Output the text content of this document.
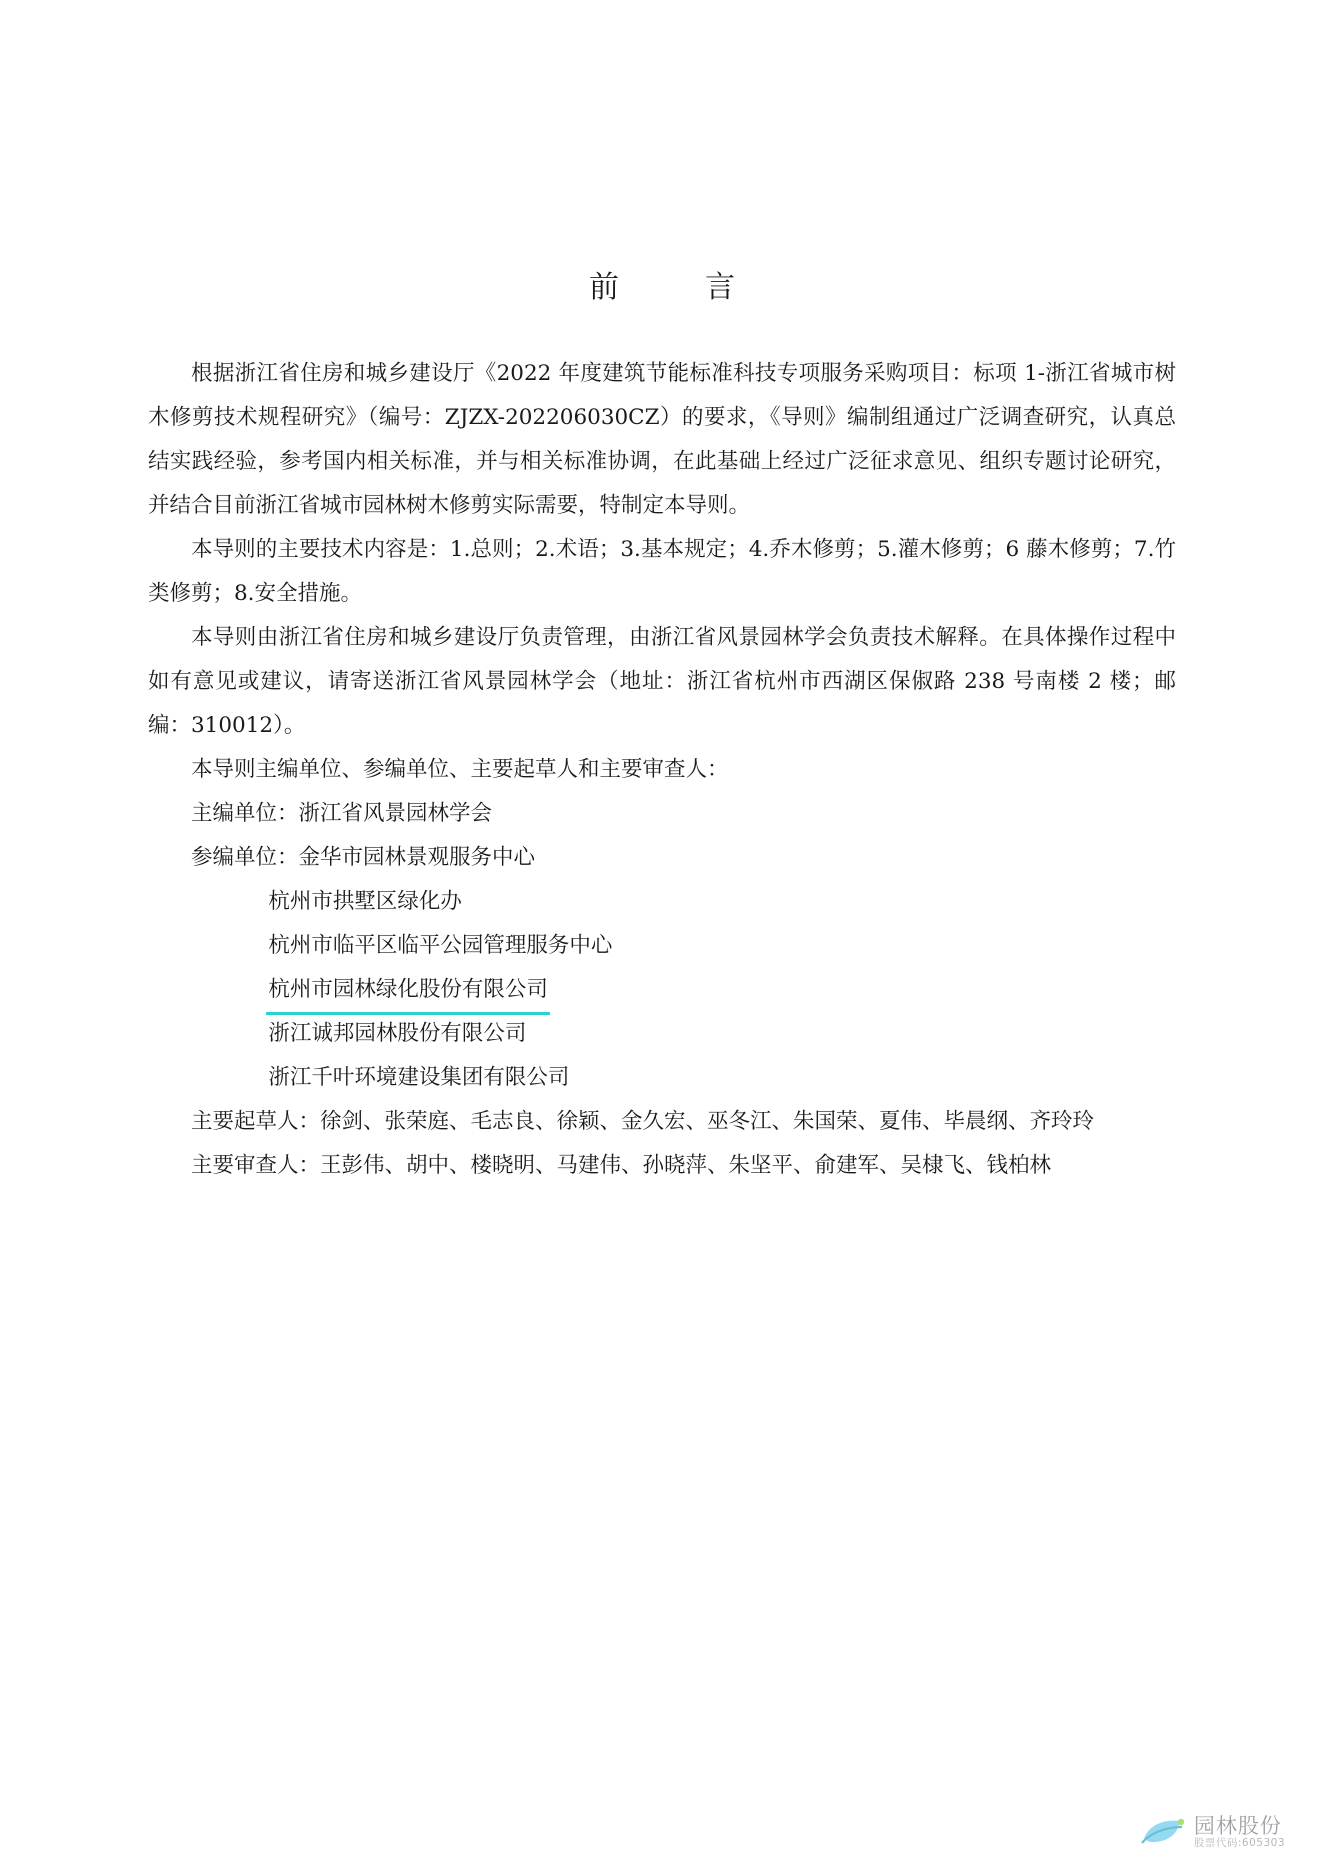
前　言

根据浙江省住房和城乡建设厅《2022 年度建筑节能标准科技专项服务采购项目：标项 1-浙江省城市树木修剪技术规程研究》（编号：ZJZX-202206030CZ）的要求，《导则》编制组通过广泛调查研究，认真总结实践经验，参考国内相关标准，并与相关标准协调，在此基础上经过广泛征求意见、组织专题讨论研究，并结合目前浙江省城市园林树木修剪实际需要，特制定本导则。

本导则的主要技术内容是：1.总则；2.术语；3.基本规定；4.乔木修剪；5.灌木修剪；6 藤木修剪；7.竹类修剪；8.安全措施。

本导则由浙江省住房和城乡建设厅负责管理，由浙江省风景园林学会负责技术解释。在具体操作过程中如有意见或建议，请寄送浙江省风景园林学会（地址：浙江省杭州市西湖区保俶路 238 号南楼 2 楼；邮编：310012）。

本导则主编单位、参编单位、主要起草人和主要审查人：

主编单位：浙江省风景园林学会

参编单位：金华市园林景观服务中心

杭州市拱墅区绿化办

杭州市临平区临平公园管理服务中心

杭州市园林绿化股份有限公司

浙江诚邦园林股份有限公司

浙江千叶环境建设集团有限公司

主要起草人：徐剑、张荣庭、毛志良、徐颖、金久宏、巫冬江、朱国荣、夏伟、毕晨纲、齐玲玲

主要审查人：王彭伟、胡中、楼晓明、马建伟、孙晓萍、朱坚平、俞建军、吴棣飞、钱柏林

园林股份
股票代码:605303
